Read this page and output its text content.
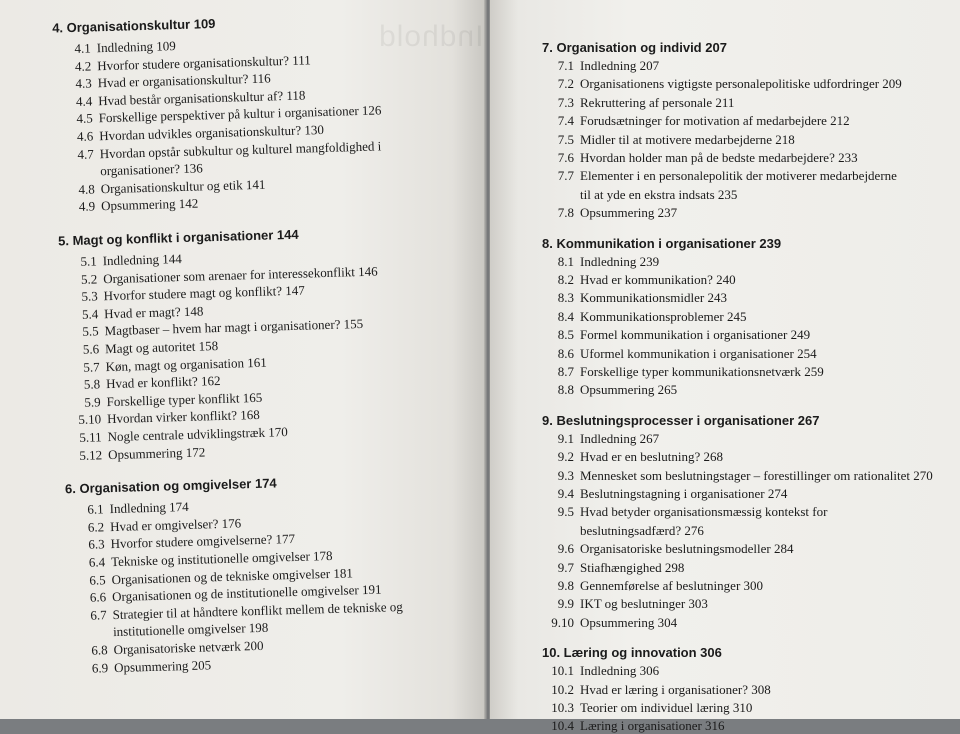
Indhold
4. Organisationskultur 109
4.1 Indledning 109
4.2 Hvorfor studere organisationskultur? 111
4.3 Hvad er organisationskultur? 116
4.4 Hvad består organisationskultur af? 118
4.5 Forskellige perspektiver på kultur i organisationer 126
4.6 Hvordan udvikles organisationskultur? 130
4.7 Hvordan opstår subkultur og kulturel mangfoldighed i
organisationer? 136
4.8 Organisationskultur og etik 141
4.9 Opsummering 142
5. Magt og konflikt i organisationer 144
5.1 Indledning 144
5.2 Organisationer som arenaer for interessekonflikt 146
5.3 Hvorfor studere magt og konflikt? 147
5.4 Hvad er magt? 148
5.5 Magtbaser – hvem har magt i organisationer? 155
5.6 Magt og autoritet 158
5.7 Køn, magt og organisation 161
5.8 Hvad er konflikt? 162
5.9 Forskellige typer konflikt 165
5.10 Hvordan virker konflikt? 168
5.11 Nogle centrale udviklingstræk 170
5.12 Opsummering 172
6. Organisation og omgivelser 174
6.1 Indledning 174
6.2 Hvad er omgivelser? 176
6.3 Hvorfor studere omgivelserne? 177
6.4 Tekniske og institutionelle omgivelser 178
6.5 Organisationen og de tekniske omgivelser 181
6.6 Organisationen og de institutionelle omgivelser 191
6.7 Strategier til at håndtere konflikt mellem de tekniske og
institutionelle omgivelser 198
6.8 Organisatoriske netværk 200
6.9 Opsummering 205
7. Organisation og individ 207
7.1 Indledning 207
7.2 Organisationens vigtigste personalepolitiske udfordringer 209
7.3 Rekruttering af personale 211
7.4 Forudsætninger for motivation af medarbejdere 212
7.5 Midler til at motivere medarbejderne 218
7.6 Hvordan holder man på de bedste medarbejdere? 233
7.7 Elementer i en personalepolitik der motiverer medarbejderne
til at yde en ekstra indsats 235
7.8 Opsummering 237
8. Kommunikation i organisationer 239
8.1 Indledning 239
8.2 Hvad er kommunikation? 240
8.3 Kommunikationsmidler 243
8.4 Kommunikationsproblemer 245
8.5 Formel kommunikation i organisationer 249
8.6 Uformel kommunikation i organisationer 254
8.7 Forskellige typer kommunikationsnetværk 259
8.8 Opsummering 265
9. Beslutningsprocesser i organisationer 267
9.1 Indledning 267
9.2 Hvad er en beslutning? 268
9.3 Mennesket som beslutningstager – forestillinger om rationalitet 270
9.4 Beslutningstagning i organisationer 274
9.5 Hvad betyder organisationsmæssig kontekst for
beslutningsadfærd? 276
9.6 Organisatoriske beslutningsmodeller 284
9.7 Stiafhængighed 298
9.8 Gennemførelse af beslutninger 300
9.9 IKT og beslutninger 303
9.10 Opsummering 304
10. Læring og innovation 306
10.1 Indledning 306
10.2 Hvad er læring i organisationer? 308
10.3 Teorier om individuel læring 310
10.4 Læring i organisationer 316
